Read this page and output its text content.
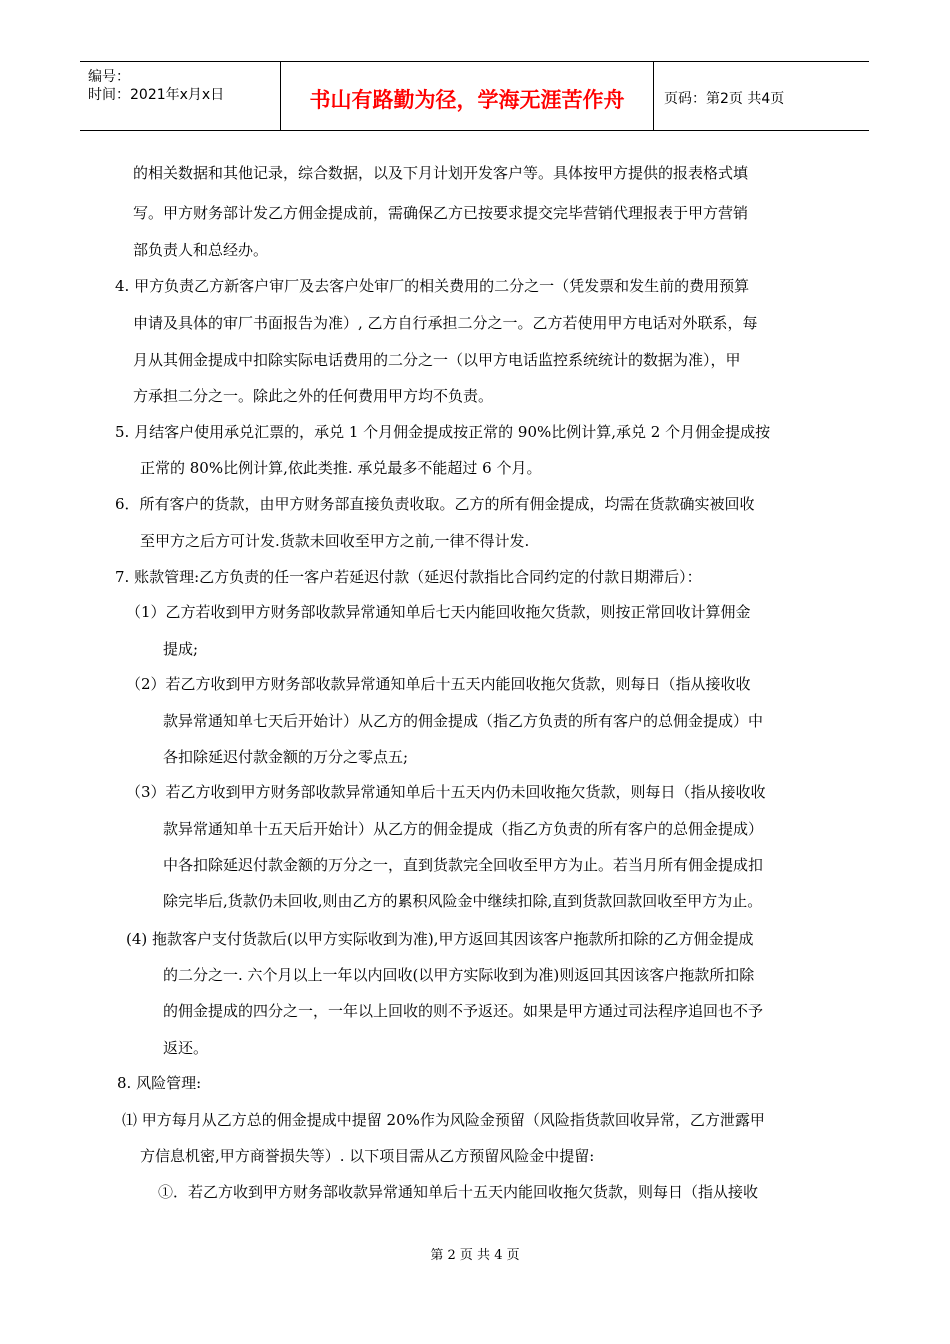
编号：
时间：2021年x月x日	书山有路勤为径，学海无涯苦作舟	页码：第2页 共4页
的相关数据和其他记录，综合数据，以及下月计划开发客户等。具体按甲方提供的报表格式填
写。甲方财务部计发乙方佣金提成前，需确保乙方已按要求提交完毕营销代理报表于甲方营销
部负责人和总经办。
4. 甲方负责乙方新客户审厂及去客户处审厂的相关费用的二分之一（凭发票和发生前的费用预算
申请及具体的审厂书面报告为准）, 乙方自行承担二分之一。乙方若使用甲方电话对外联系，每
月从其佣金提成中扣除实际电话费用的二分之一（以甲方电话监控系统统计的数据为准），甲
方承担二分之一。除此之外的任何费用甲方均不负责。
5. 月结客户使用承兑汇票的，承兑 1 个月佣金提成按正常的 90%比例计算,承兑 2 个月佣金提成按
正常的 80%比例计算,依此类推. 承兑最多不能超过 6 个月。
6．所有客户的货款，由甲方财务部直接负责收取。乙方的所有佣金提成，均需在货款确实被回收
至甲方之后方可计发.货款未回收至甲方之前,一律不得计发.
7. 账款管理:乙方负责的任一客户若延迟付款（延迟付款指比合同约定的付款日期滞后）：
（1）乙方若收到甲方财务部收款异常通知单后七天内能回收拖欠货款，则按正常回收计算佣金
提成;
（2）若乙方收到甲方财务部收款异常通知单后十五天内能回收拖欠货款，则每日（指从接收收
款异常通知单七天后开始计）从乙方的佣金提成（指乙方负责的所有客户的总佣金提成）中
各扣除延迟付款金额的万分之零点五;
（3）若乙方收到甲方财务部收款异常通知单后十五天内仍未回收拖欠货款，则每日（指从接收收
款异常通知单十五天后开始计）从乙方的佣金提成（指乙方负责的所有客户的总佣金提成）
中各扣除延迟付款金额的万分之一，直到货款完全回收至甲方为止。若当月所有佣金提成扣
除完毕后,货款仍未回收,则由乙方的累积风险金中继续扣除,直到货款回款回收至甲方为止。
(4) 拖款客户支付货款后(以甲方实际收到为准),甲方返回其因该客户拖款所扣除的乙方佣金提成
的二分之一. 六个月以上一年以内回收(以甲方实际收到为准)则返回其因该客户拖款所扣除
的佣金提成的四分之一，一年以上回收的则不予返还。如果是甲方通过司法程序追回也不予
返还。
8. 风险管理:
⑴ 甲方每月从乙方总的佣金提成中提留 20%作为风险金预留（风险指货款回收异常，乙方泄露甲
方信息机密,甲方商誉损失等）. 以下项目需从乙方预留风险金中提留:
①．若乙方收到甲方财务部收款异常通知单后十五天内能回收拖欠货款，则每日（指从接收
第 2 页 共 4 页
